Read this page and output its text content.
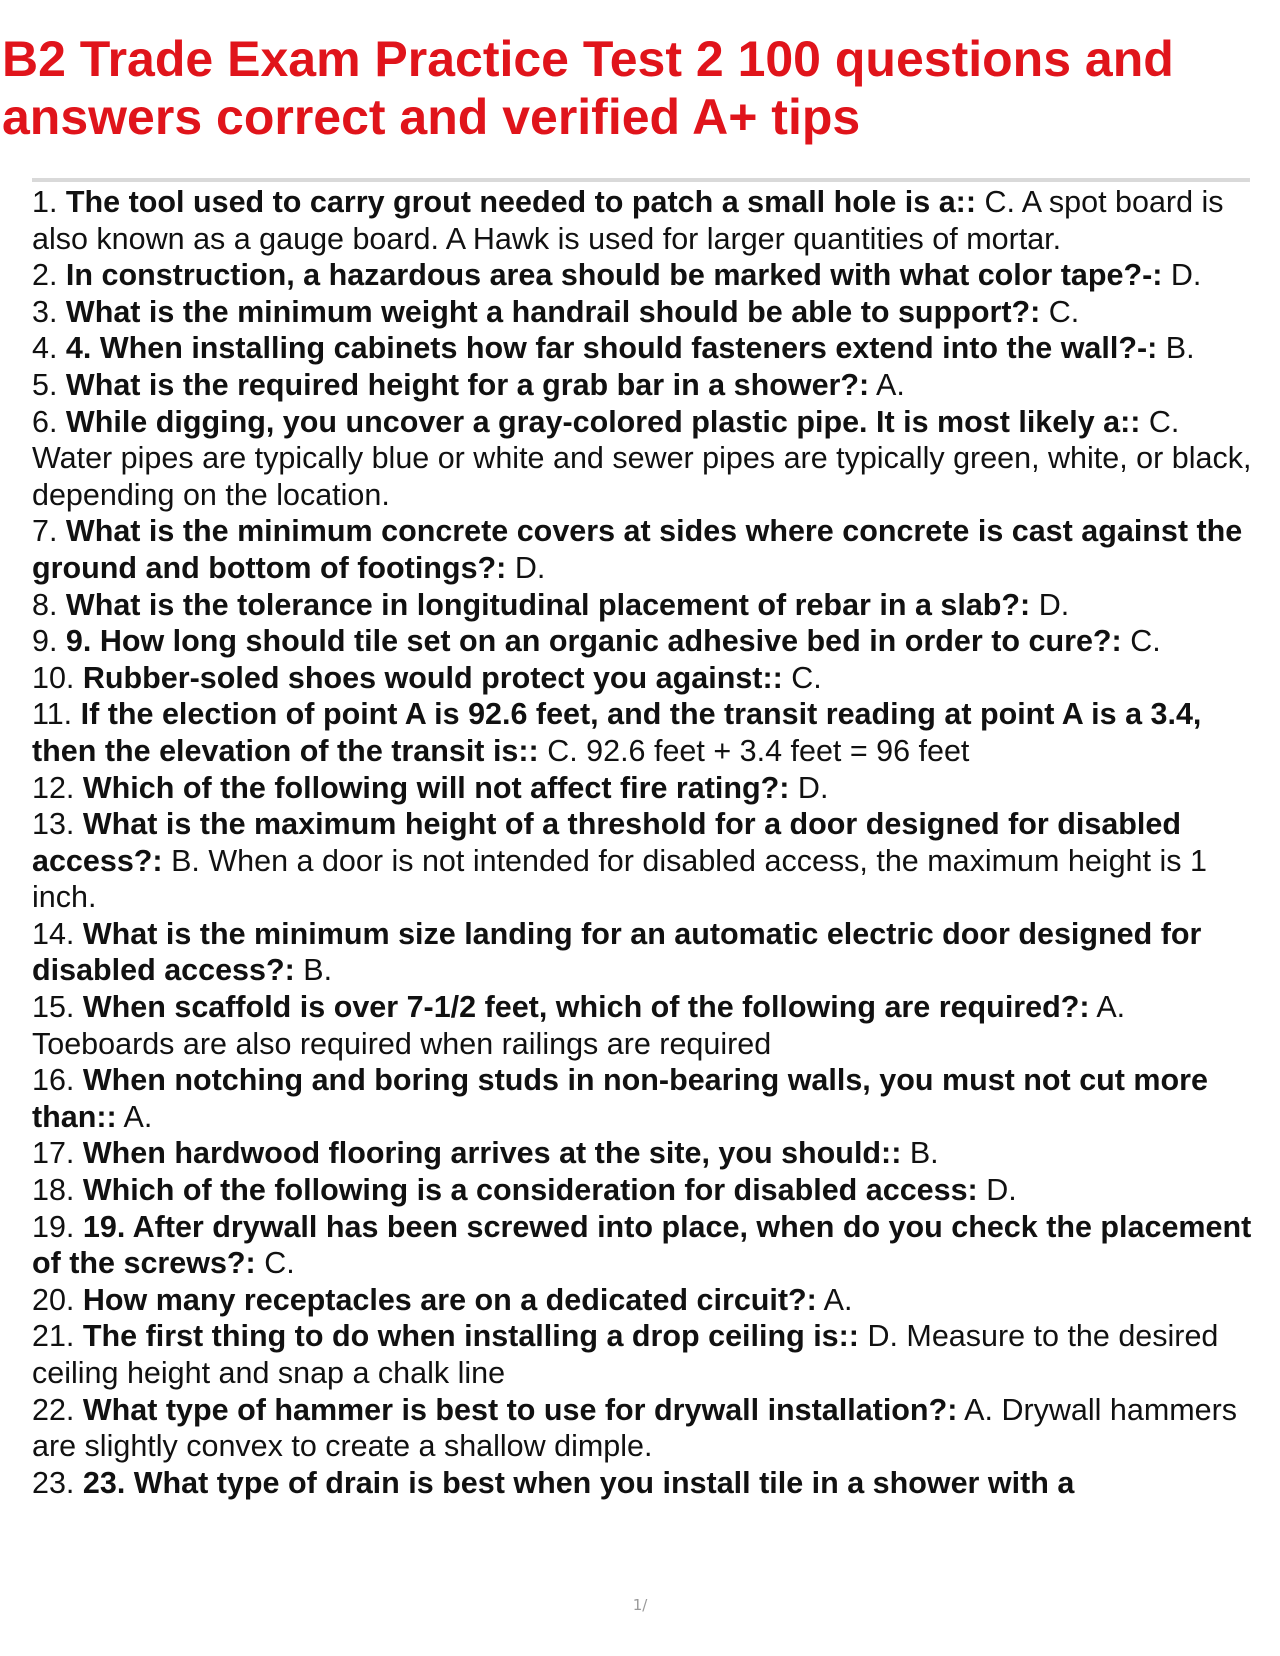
B2 Trade Exam Practice Test 2 100 questions and answers correct and verified A+ tips
1. The tool used to carry grout needed to patch a small hole is a:: C. A spot board is also known as a gauge board. A Hawk is used for larger quantities of mortar.
2. In construction, a hazardous area should be marked with what color tape?-: D.
3. What is the minimum weight a handrail should be able to support?: C.
4. 4. When installing cabinets how far should fasteners extend into the wall?-: B.
5. What is the required height for a grab bar in a shower?: A.
6. While digging, you uncover a gray-colored plastic pipe. It is most likely a:: C. Water pipes are typically blue or white and sewer pipes are typically green, white, or black, depending on the location.
7. What is the minimum concrete covers at sides where concrete is cast against the ground and bottom of footings?: D.
8. What is the tolerance in longitudinal placement of rebar in a slab?: D.
9. 9. How long should tile set on an organic adhesive bed in order to cure?: C.
10. Rubber-soled shoes would protect you against:: C.
11. If the election of point A is 92.6 feet, and the transit reading at point A is a 3.4, then the elevation of the transit is:: C. 92.6 feet + 3.4 feet = 96 feet
12. Which of the following will not affect fire rating?: D.
13. What is the maximum height of a threshold for a door designed for disabled access?: B. When a door is not intended for disabled access, the maximum height is 1 inch.
14. What is the minimum size landing for an automatic electric door designed for disabled access?: B.
15. When scaffold is over 7-1/2 feet, which of the following are required?: A. Toeboards are also required when railings are required
16. When notching and boring studs in non-bearing walls, you must not cut more than:: A.
17. When hardwood flooring arrives at the site, you should:: B.
18. Which of the following is a consideration for disabled access: D.
19. 19. After drywall has been screwed into place, when do you check the placement of the screws?: C.
20. How many receptacles are on a dedicated circuit?: A.
21. The first thing to do when installing a drop ceiling is:: D. Measure to the desired ceiling height and snap a chalk line
22. What type of hammer is best to use for drywall installation?: A. Drywall hammers are slightly convex to create a shallow dimple.
23. 23. What type of drain is best when you install tile in a shower with a
1/
